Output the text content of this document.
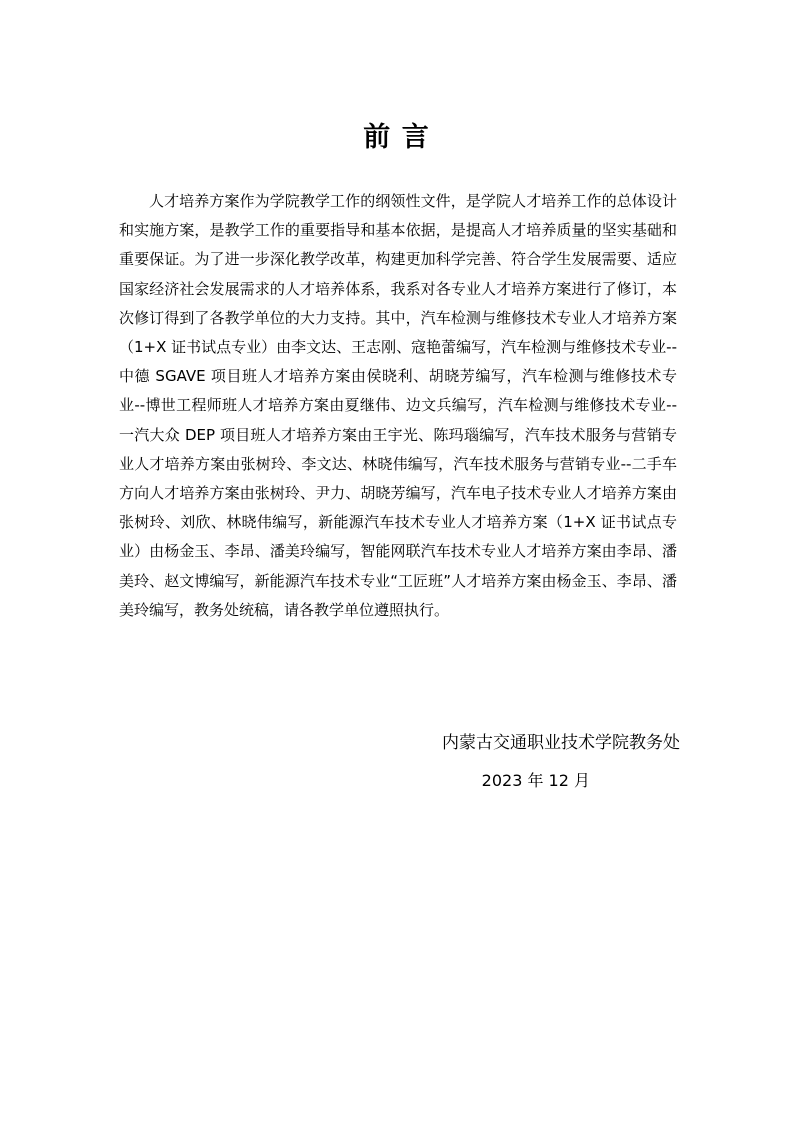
前 言

人才培养方案作为学院教学工作的纲领性文件，是学院人才培养工作的总体设计和实施方案，是教学工作的重要指导和基本依据，是提高人才培养质量的坚实基础和重要保证。为了进一步深化教学改革，构建更加科学完善、符合学生发展需要、适应国家经济社会发展需求的人才培养体系，我系对各专业人才培养方案进行了修订，本次修订得到了各教学单位的大力支持。其中，汽车检测与维修技术专业人才培养方案（1+X 证书试点专业）由李文达、王志刚、寇艳蕾编写，汽车检测与维修技术专业--中德 SGAVE 项目班人才培养方案由侯晓利、胡晓芳编写，汽车检测与维修技术专业--博世工程师班人才培养方案由夏继伟、边文兵编写，汽车检测与维修技术专业--一汽大众 DEP 项目班人才培养方案由王宇光、陈玛瑙编写，汽车技术服务与营销专业人才培养方案由张树玲、李文达、林晓伟编写，汽车技术服务与营销专业--二手车方向人才培养方案由张树玲、尹力、胡晓芳编写，汽车电子技术专业人才培养方案由张树玲、刘欣、林晓伟编写，新能源汽车技术专业人才培养方案（1+X 证书试点专业）由杨金玉、李昂、潘美玲编写，智能网联汽车技术专业人才培养方案由李昂、潘美玲、赵文博编写，新能源汽车技术专业“工匠班”人才培养方案由杨金玉、李昂、潘美玲编写，教务处统稿，请各教学单位遵照执行。

内蒙古交通职业技术学院教务处
2023 年 12 月
